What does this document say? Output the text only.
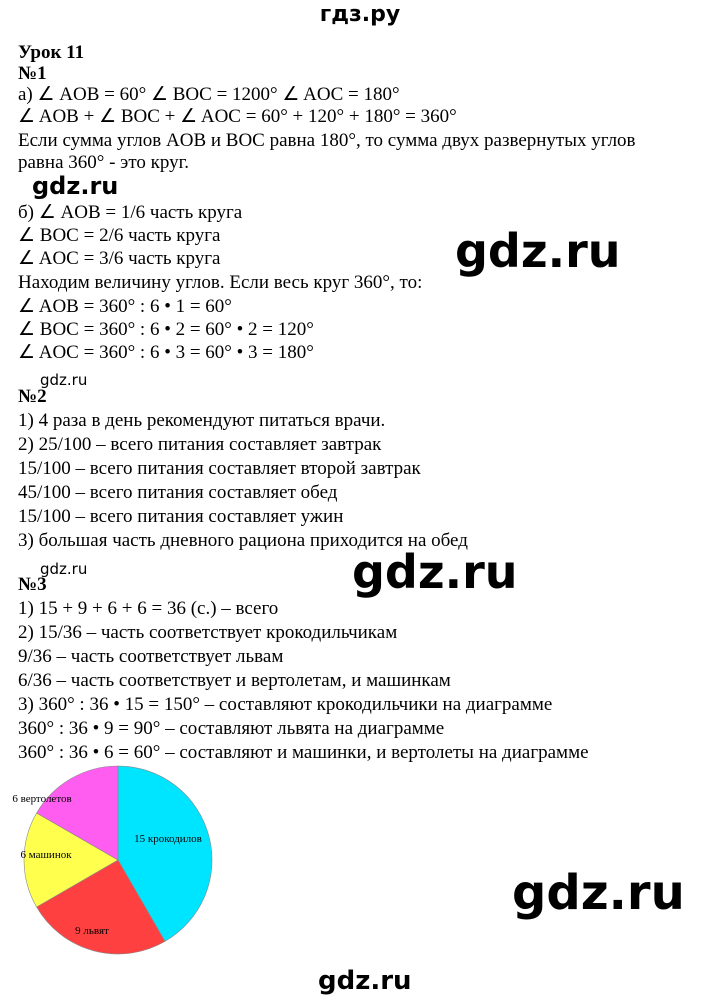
гдз.ру
Урок 11
№1
а) ∠ AOB = 60° ∠ BOC = 1200° ∠ AOC = 180°
∠ AOB + ∠ BOC + ∠ AOC = 60° + 120° + 180° = 360°
Если сумма углов AOB и BOC равна 180°, то сумма двух развернутых углов
равна 360° - это круг.
б) ∠ AOB = 1/6 часть круга
∠ BOC = 2/6 часть круга
∠ AOC = 3/6 часть круга
Находим величину углов. Если весь круг 360°, то:
∠ AOB = 360° : 6 • 1 = 60°
∠ BOC = 360° : 6 • 2 = 60° • 2 = 120°
∠ AOC = 360° : 6 • 3 = 60° • 3 = 180°
№2
1) 4 раза в день рекомендуют питаться врачи.
2) 25/100 – всего питания составляет завтрак
15/100 – всего питания составляет второй завтрак
45/100 – всего питания составляет обед
15/100 – всего питания составляет ужин
3) большая часть дневного рациона приходится на обед
№3
1) 15 + 9 + 6 + 6 = 36 (с.) – всего
2) 15/36 – часть соответствует крокодильчикам
9/36 – часть соответствует львам
6/36 – часть соответствует и вертолетам, и машинкам
3) 360° : 36 • 15 = 150° – составляют крокодильчики на диаграмме
360° : 36 • 9 = 90° – составляют львята на диаграмме
360° : 36 • 6 = 60° – составляют и машинки, и вертолеты на диаграмме
gdz.ru
gdz.ru
gdz.ru
gdz.ru
gdz.ru
gdz.ru
gdz.ru
15 крокодилов
9 львят
6 машинок
6 вертолетов
